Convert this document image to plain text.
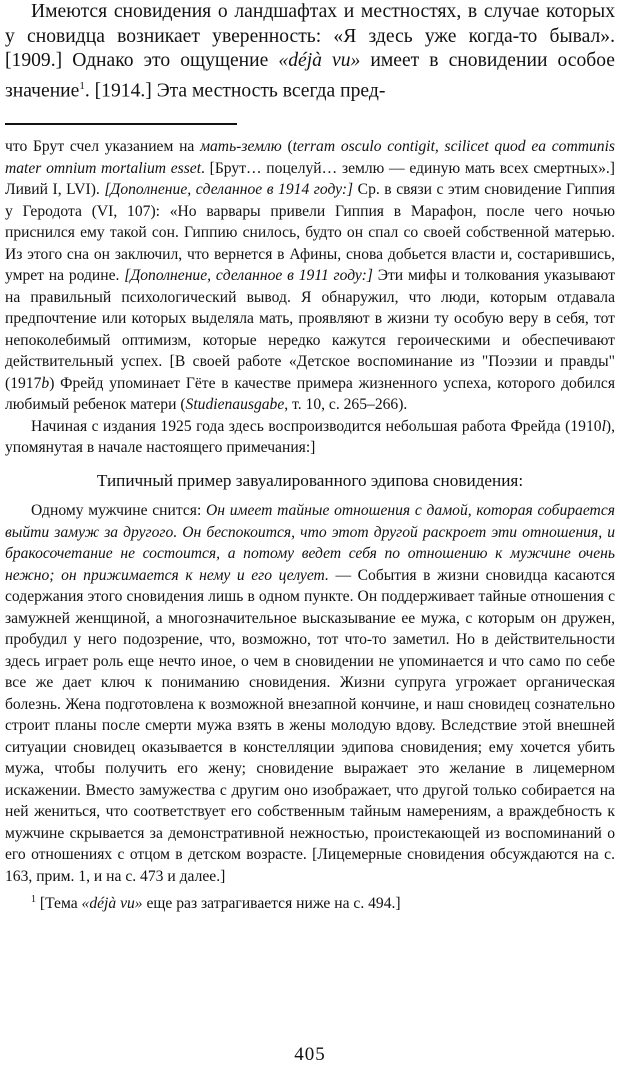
Имеются сновидения о ландшафтах и местностях, в случае которых у сновидца возникает уверенность: «Я здесь уже когда-то бывал». [1909.] Однако это ощущение «déjà vu» имеет в сновидении особое значение$^1$. [1914.] Эта местность всегда пред-

что Брут счел указанием на мать-землю (terram osculo contigit, scilicet quod ea communis mater omnium mortalium esset. [Брут… поцелуй… землю — единую мать всех смертных».] Ливий I, LVI). [Дополнение, сделанное в 1914 году:] Ср. в связи с этим сновидение Гиппия у Геродота (VI, 107): «Но варвары привели Гиппия в Марафон, после чего ночью приснился ему такой сон. Гиппию снилось, будто он спал со своей собственной матерью. Из этого сна он заключил, что вернется в Афины, снова добьется власти и, состарившись, умрет на родине. [Дополнение, сделанное в 1911 году:] Эти мифы и толкования указывают на правильный психологический вывод. Я обнаружил, что люди, которым отдавала предпочтение или которых выделяла мать, проявляют в жизни ту особую веру в себя, тот непоколебимый оптимизм, которые нередко кажутся героическими и обеспечивают действительный успех. [В своей работе «Детское воспоминание из "Поэзии и правды" (1917b) Фрейд упоминает Гёте в качестве примера жизненного успеха, которого добился любимый ребенок матери (Studienausgabe, т. 10, с. 265–266).

Начиная с издания 1925 года здесь воспроизводится небольшая работа Фрейда (1910l), упомянутая в начале настоящего примечания:]

Типичный пример завуалированного эдипова сновидения:

Одному мужчине снится: Он имеет тайные отношения с дамой, которая собирается выйти замуж за другого. Он беспокоится, что этот другой раскроет эти отношения, и бракосочетание не состоится, а потому ведет себя по отношению к мужчине очень нежно; он прижимается к нему и его целует. — События в жизни сновидца касаются содержания этого сновидения лишь в одном пункте. Он поддерживает тайные отношения с замужней женщиной, а многозначительное высказывание ее мужа, с которым он дружен, пробудил у него подозрение, что, возможно, тот что-то заметил. Но в действительности здесь играет роль еще нечто иное, о чем в сновидении не упоминается и что само по себе все же дает ключ к пониманию сновидения. Жизни супруга угрожает органическая болезнь. Жена подготовлена к возможной внезапной кончине, и наш сновидец сознательно строит планы после смерти мужа взять в жены молодую вдову. Вследствие этой внешней ситуации сновидец оказывается в констелляции эдипова сновидения; ему хочется убить мужа, чтобы получить его жену; сновидение выражает это желание в лицемерном искажении. Вместо замужества с другим оно изображает, что другой только собирается на ней жениться, что соответствует его собственным тайным намерениям, а враждебность к мужчине скрывается за демонстративной нежностью, проистекающей из воспоминаний о его отношениях с отцом в детском возрасте. [Лицемерные сновидения обсуждаются на с. 163, прим. 1, и на с. 473 и далее.]

$^1$ [Тема «déjà vu» еще раз затрагивается ниже на с. 494.]

405
